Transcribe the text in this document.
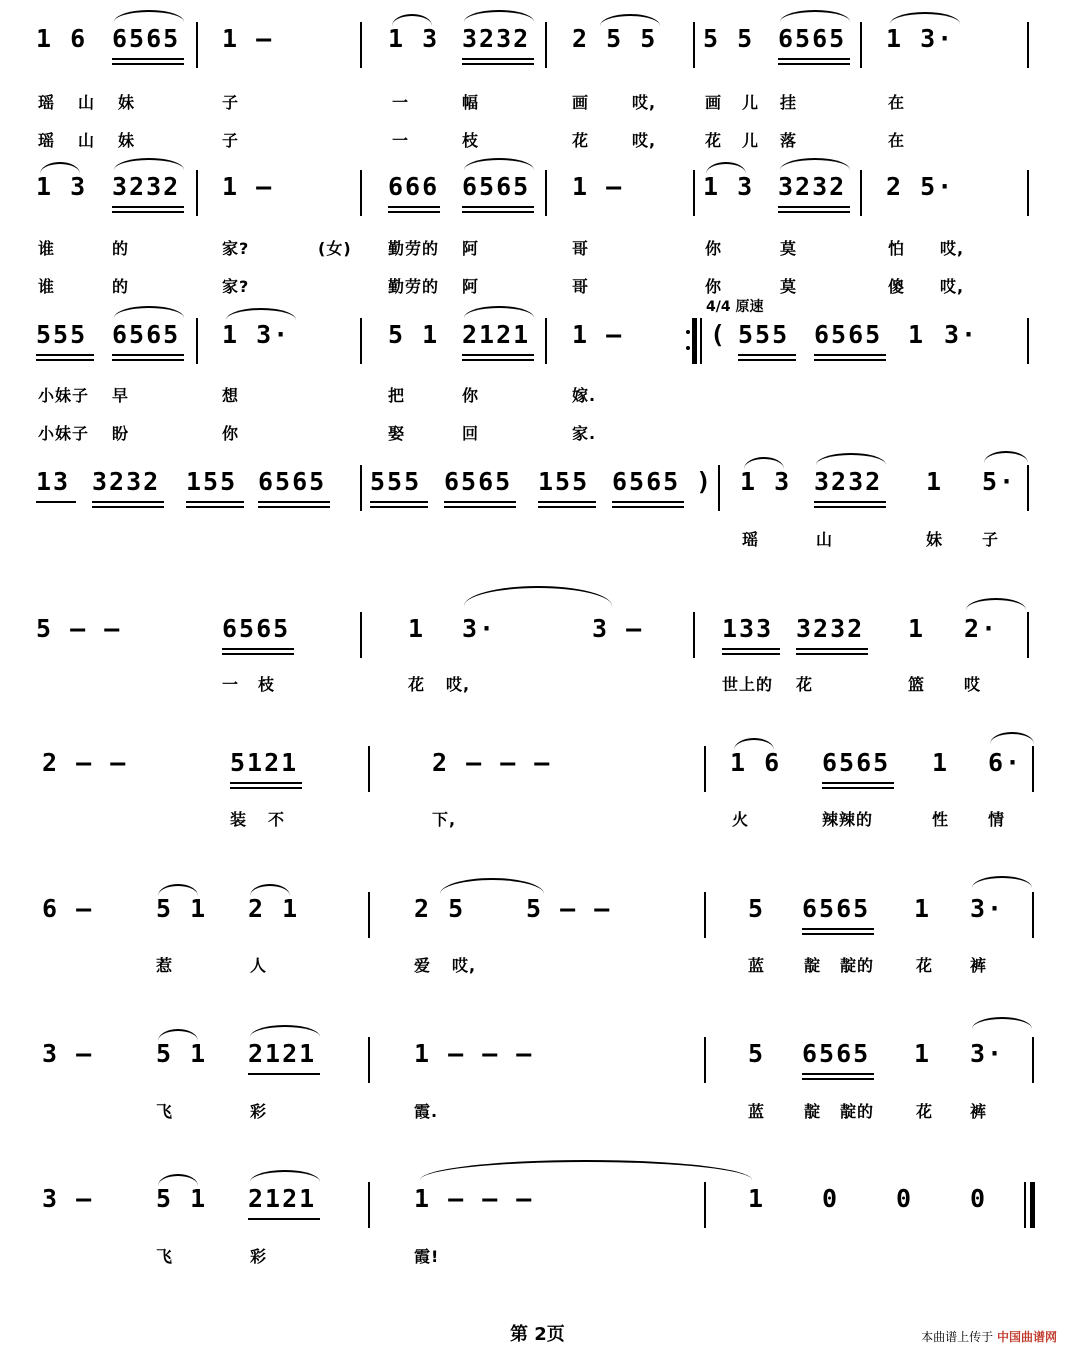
1 6 6565 1 –	1 3 3232 2 5 5 5 5 6565 1 3·
瑶 山 妹	子	一	幅	画	哎,	画 儿 挂	在
瑶 山 妹	子	一	枝	花	哎,	花 儿 落	在
1 3 3232 1 –	666 6565 1 –	1 3 3232 2 5·
谁	的	家?	(女) 勤劳的 阿	哥	你	莫	怕 哎,
谁	的	家?	勤劳的 阿	哥	你	莫	傻 哎,
4/4 原速
555 6565 1 3·	5 1 2121 1 –	( 555 6565 1 3·
小妹子 早	想	把	你	嫁.
小妹子 盼	你	娶	回	家.
13 3232 155 6565 555 6565 155 6565 ) 1 3 3232 1 5·
瑶	山	妹 子
5 – –	6565	1 3·	3 –	133 3232 1 2·
一 枝	花 哎,	世上的 花	篮 哎
2 – –	5121	2 – – –	1 6 6565 1 6·
装 不	下,	火	辣辣的	性 情
6 –	5 1 2 1	2 5 5 – –	5 6565 1 3·
惹	人	爱 哎,	蓝 靛 靛的	花 裤
3 –	5 1 2121	1 – – –	5 6565 1 3·
飞	彩	霞.	蓝 靛 靛的	花 裤
3 –	5 1 2121	1 – – –	1 0 0 0
飞	彩	霞!
第 2页	本曲谱上传于 中国曲谱网
